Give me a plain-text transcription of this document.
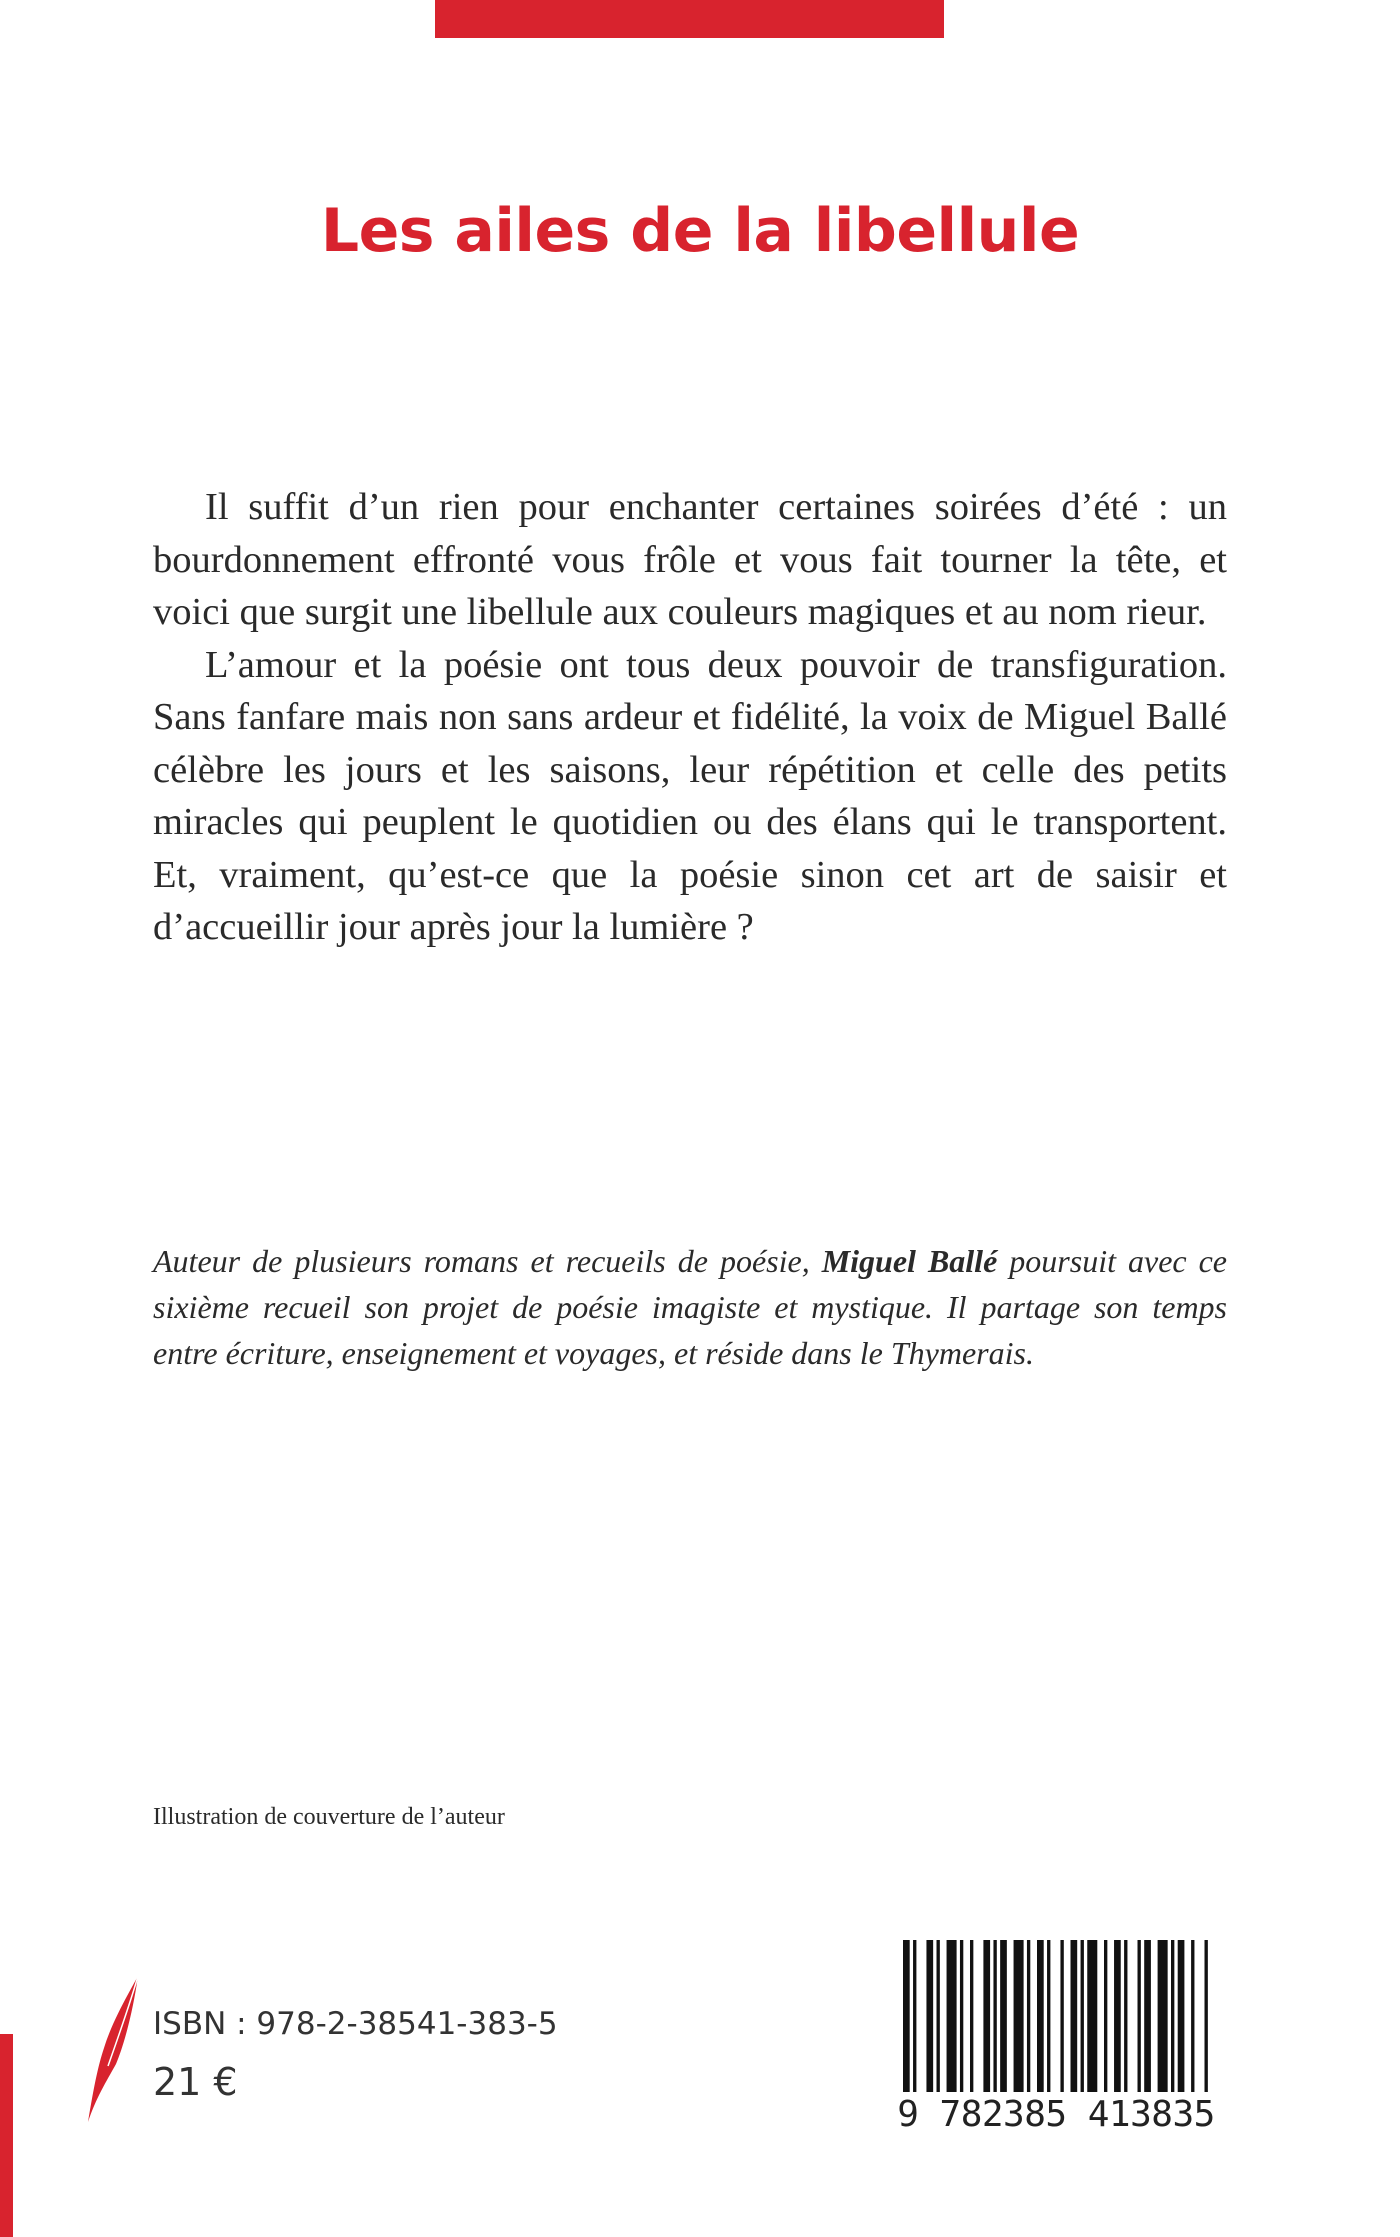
Les ailes de la libellule

Il suffit d’un rien pour enchanter certaines soirées d’été : un bourdonnement effronté vous frôle et vous fait tourner la tête, et voici que surgit une libellule aux couleurs magiques et au nom rieur.

L’amour et la poésie ont tous deux pouvoir de transfiguration. Sans fanfare mais non sans ardeur et fidélité, la voix de Miguel Ballé célèbre les jours et les saisons, leur répétition et celle des petits miracles qui peuplent le quotidien ou des élans qui le transportent. Et, vraiment, qu’est-ce que la poésie sinon cet art de saisir et d’accueillir jour après jour la lumière ?

Auteur de plusieurs romans et recueils de poésie, Miguel Ballé poursuit avec ce sixième recueil son projet de poésie imagiste et mystique. Il partage son temps entre écriture, enseignement et voyages, et réside dans le Thymerais.

Illustration de couverture de l’auteur

ISBN : 978-2-38541-383-5
21 €
9 782385 413835
